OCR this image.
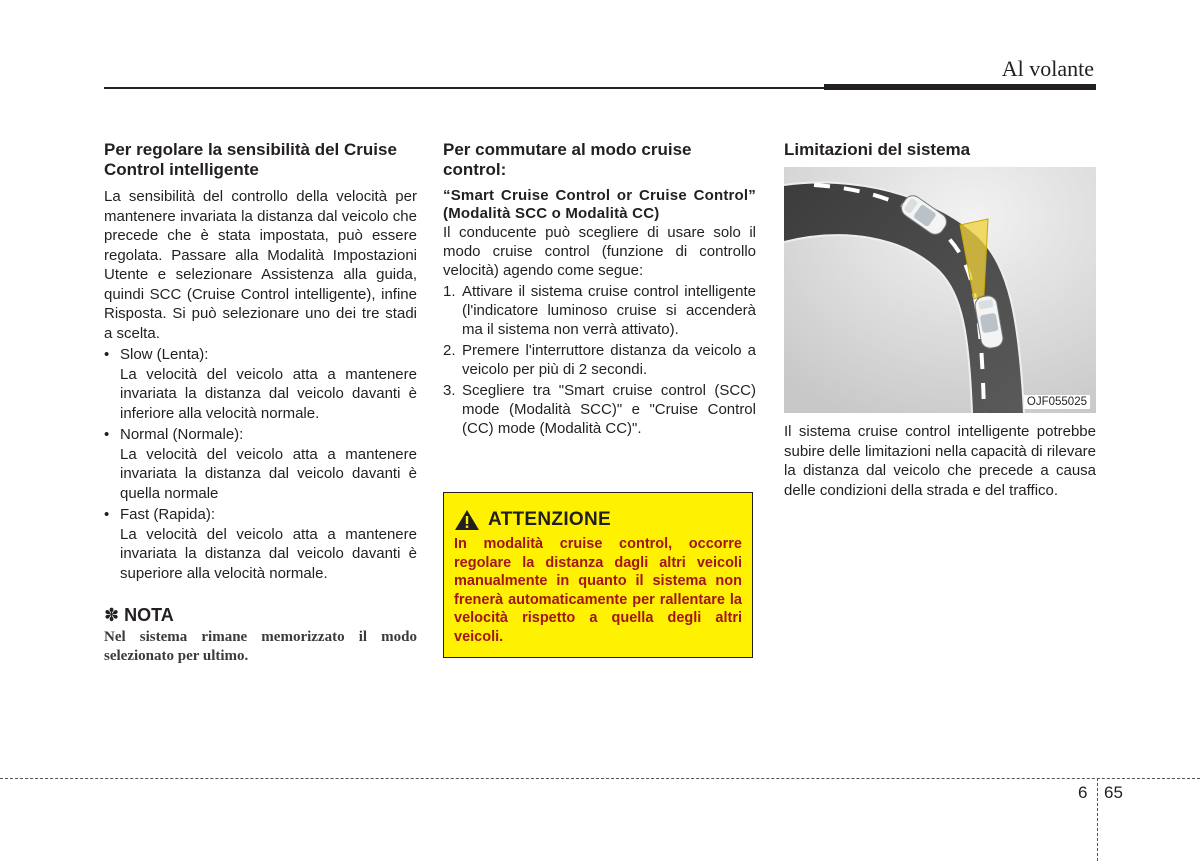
Al volante
Per regolare la sensibilità del Cruise Control intelligente

La sensibilità del controllo della velocità per mantenere invariata la distanza dal veicolo che precede che è stata impostata, può essere regolata. Passare alla Modalità Impostazioni Utente e selezionare Assistenza alla guida, quindi SCC (Cruise Control intelligente), infine Risposta. Si può selezionare uno dei tre stadi a scelta.

• Slow (Lenta):
La velocità del veicolo atta a mantenere invariata la distanza dal veicolo davanti è inferiore alla velocità normale.
• Normal (Normale):
La velocità del veicolo atta a mantenere invariata la distanza dal veicolo davanti è quella normale
• Fast (Rapida):
La velocità del veicolo atta a mantenere invariata la distanza dal veicolo davanti è superiore alla velocità normale.
✽ NOTA
Nel sistema rimane memorizzato il modo selezionato per ultimo.
Per commutare al modo cruise control:
“Smart Cruise Control or Cruise Control” (Modalità SCC o Modalità CC)

Il conducente può scegliere di usare solo il modo cruise control (funzione di controllo velocità) agendo come segue:

1. Attivare il sistema cruise control intelligente (l'indicatore luminoso cruise si accenderà ma il sistema non verrà attivato).
2. Premere l'interruttore distanza da veicolo a veicolo per più di 2 secondi.
3. Scegliere tra "Smart cruise control (SCC) mode (Modalità SCC)" e "Cruise Control (CC) mode (Modalità CC)".
ATTENZIONE
In modalità cruise control, occorre regolare la distanza dagli altri veicoli manualmente in quanto il sistema non frenerà automaticamente per rallentare la velocità rispetto a quella degli altri veicoli.
Limitazioni del sistema
OJF055025

Il sistema cruise control intelligente potrebbe subire delle limitazioni nella capacità di rilevare la distanza dal veicolo che precede a causa delle condizioni della strada e del traffico.

6 65
